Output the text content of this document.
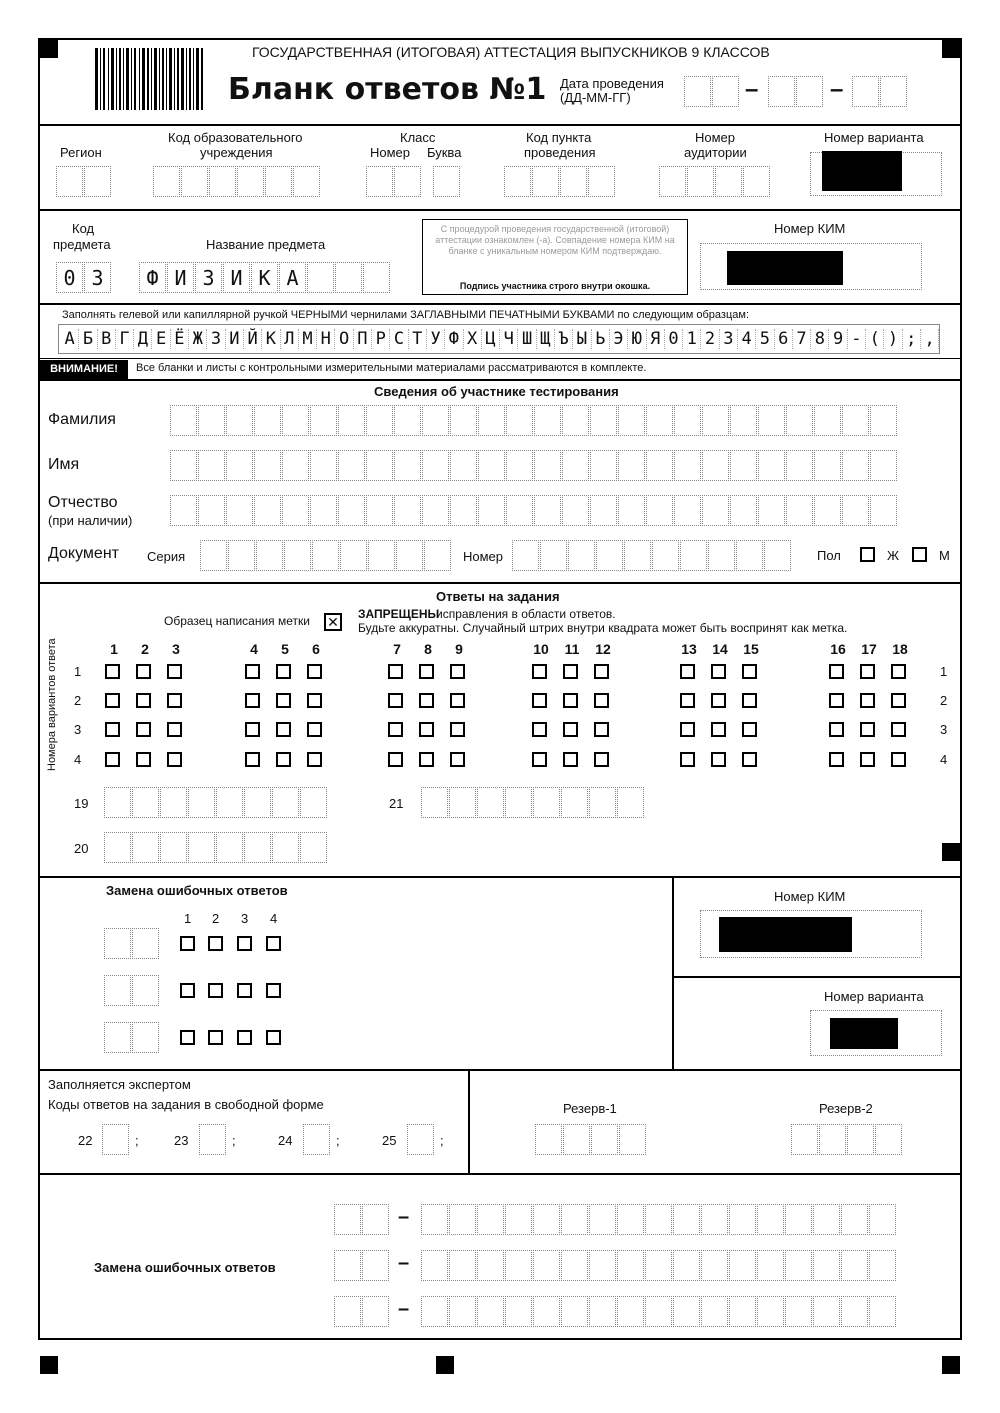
ГОСУДАРСТВЕННАЯ (ИТОГОВАЯ) АТТЕСТАЦИЯ ВЫПУСКНИКОВ 9 КЛАССОВ
Бланк ответов №1 Дата проведения
(ДД-ММ-ГГ)	–	–
Регион
Код образовательного
учреждения
Класс
Номер Буква
Код пункта
проведения
Номер
аудитории
Номер варианта
Код
предмета	Название предмета
0 3	Ф И З И К А
С процедурой проведения государственной (итоговой) аттестации ознакомлен (-а). Совпадение номера КИМ на бланке с уникальным номером КИМ подтверждаю.
Подпись участника строго внутри окошка.
Номер КИМ
Заполнять гелевой или капиллярной ручкой ЧЕРНЫМИ чернилами ЗАГЛАВНЫМИ ПЕЧАТНЫМИ БУКВАМИ по следующим образцам:
А Б В Г Д Е Ё Ж З И Й К Л М Н О П Р С Т У Ф Х Ц Ч Ш Щ Ъ Ы Ь Э Ю Я 0 1 2 3 4 5 6 7 8 9 - ( ) ; ,
ВНИМАНИЕ!	Все бланки и листы с контрольными измерительными материалами рассматриваются в комплекте.
Сведения об участнике тестирования
Фамилия
Имя
Отчество
(при наличии)
Документ Серия	Номер	Пол	Ж	М
Ответы на задания
Образец написания метки ✕ ЗАПРЕЩЕНЫ
исправления в области ответов.
Будьте аккуратны. Случайный штрих внутри квадрата может быть воспринят как метка.
Номера вариантов ответа	1 2 3	4 5 6	7 8 9	10 11 12	13 14 15	16 17 18
1	1
2	2
3	3
4	4
19	21
20
Замена ошибочных ответов
1 2 3 4
Номер КИМ
Номер варианта
Заполняется экспертом
Коды ответов на задания в свободной форме
22	;	23	;	24	;	25	;
Резерв-1	Резерв-2
Замена ошибочных ответов
–
–
–
